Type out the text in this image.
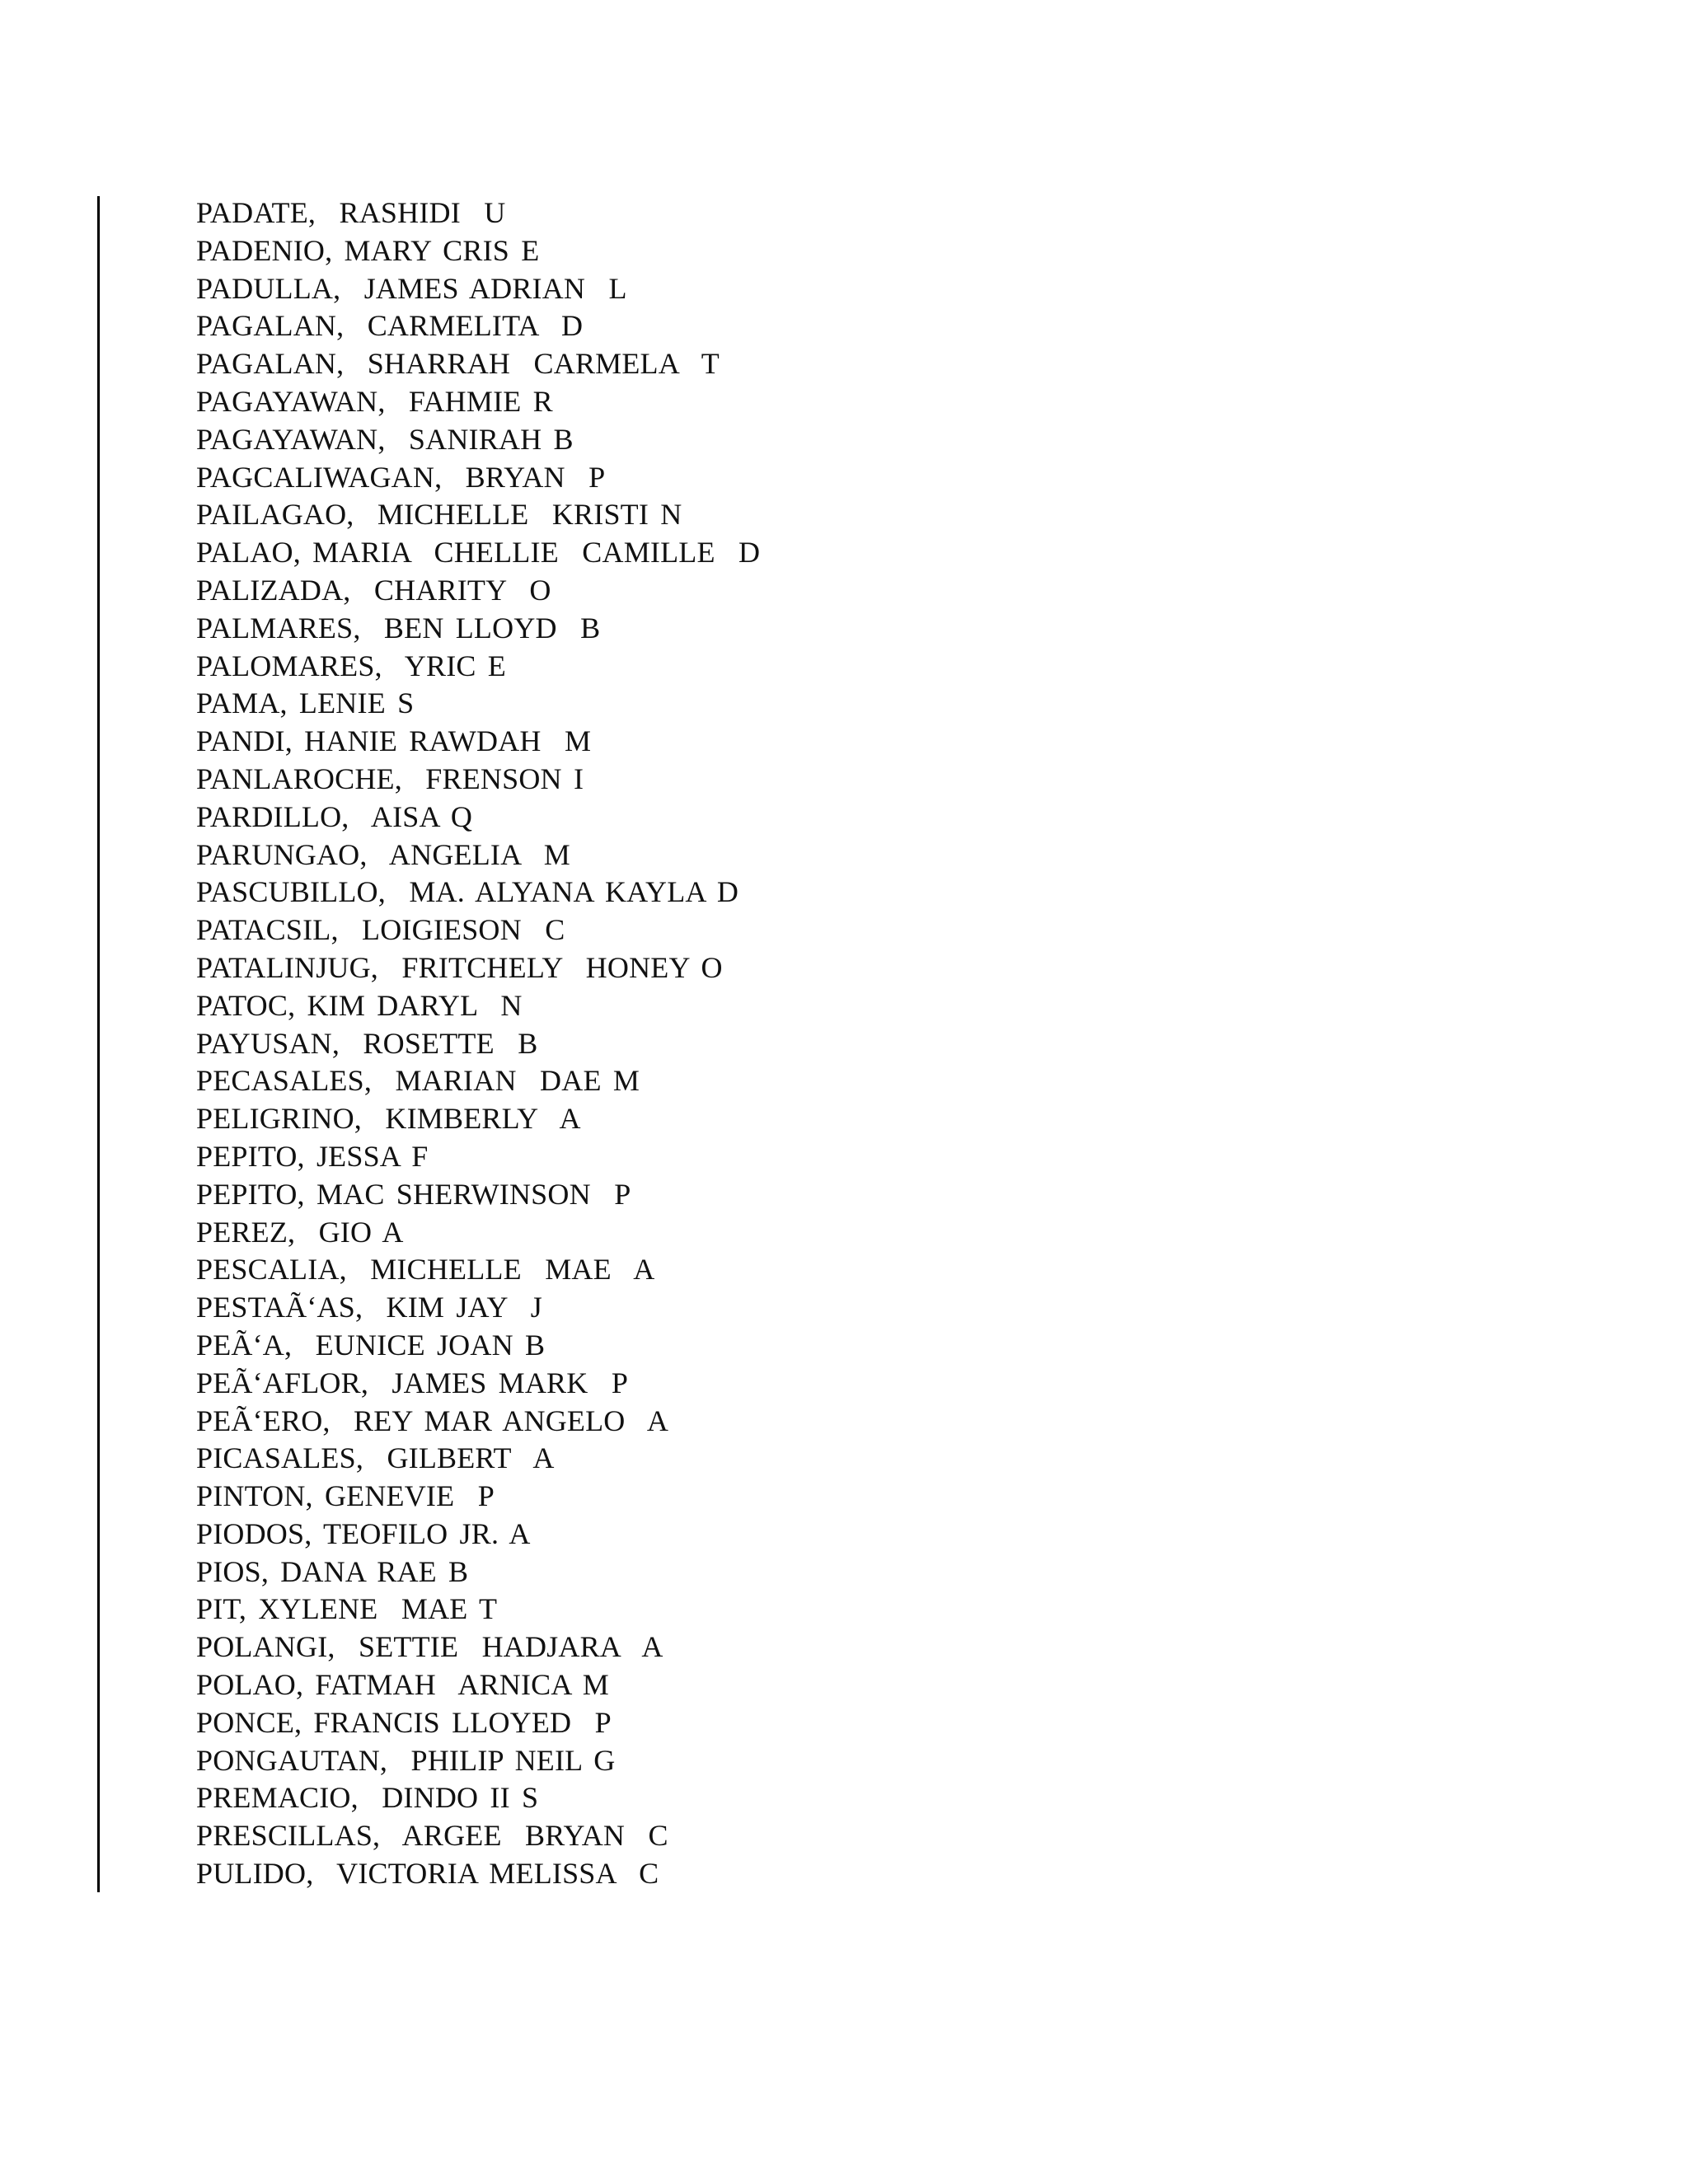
PADATE,  RASHIDI  U
PADENIO, MARY CRIS E
PADULLA,  JAMES ADRIAN  L
PAGALAN,  CARMELITA  D
PAGALAN,  SHARRAH  CARMELA  T
PAGAYAWAN,  FAHMIE R
PAGAYAWAN,  SANIRAH B
PAGCALIWAGAN,  BRYAN  P
PAILAGAO,  MICHELLE  KRISTI N
PALAO, MARIA  CHELLIE  CAMILLE  D
PALIZADA,  CHARITY  O
PALMARES,  BEN LLOYD  B
PALOMARES,  YRIC E
PAMA, LENIE S
PANDI, HANIE RAWDAH  M
PANLAROCHE,  FRENSON I
PARDILLO,  AISA Q
PARUNGAO,  ANGELIA  M
PASCUBILLO,  MA. ALYANA KAYLA D
PATACSIL,  LOIGIESON  C
PATALINJUG,  FRITCHELY  HONEY O
PATOC, KIM DARYL  N
PAYUSAN,  ROSETTE  B
PECASALES,  MARIAN  DAE M
PELIGRINO,  KIMBERLY  A
PEPITO, JESSA F
PEPITO, MAC SHERWINSON  P
PEREZ,  GIO A
PESCALIA,  MICHELLE  MAE  A
PESTAÃ‘AS,  KIM JAY  J
PEÃ‘A,  EUNICE JOAN B
PEÃ‘AFLOR,  JAMES MARK  P
PEÃ‘ERO,  REY MAR ANGELO  A
PICASALES,  GILBERT  A
PINTON, GENEVIE  P
PIODOS, TEOFILO JR. A
PIOS, DANA RAE B
PIT, XYLENE  MAE T
POLANGI,  SETTIE  HADJARA  A
POLAO, FATMAH  ARNICA M
PONCE, FRANCIS LLOYED  P
PONGAUTAN,  PHILIP NEIL G
PREMACIO,  DINDO II S
PRESCILLAS,  ARGEE  BRYAN  C
PULIDO,  VICTORIA MELISSA  C
